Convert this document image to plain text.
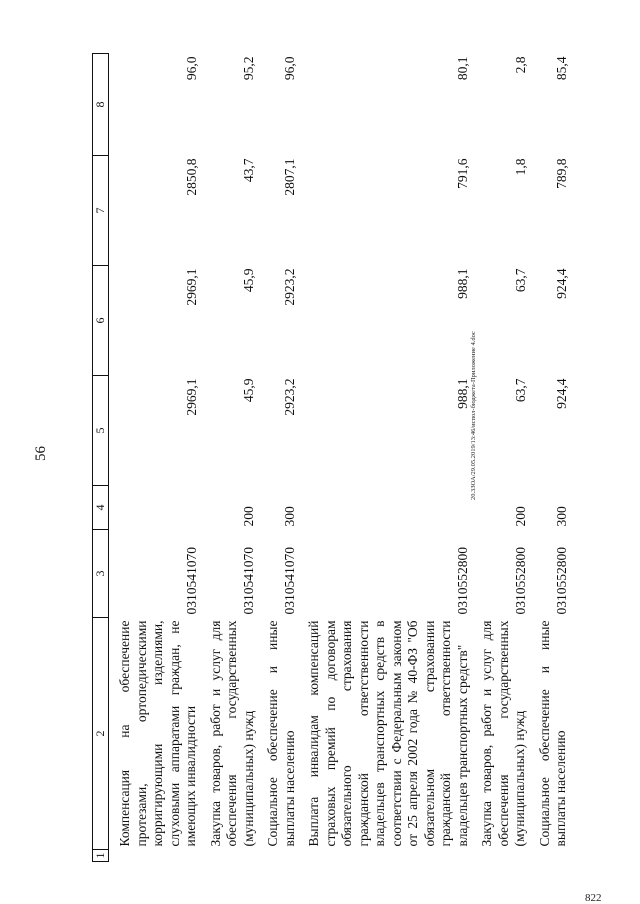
56	20.3ЗОА/29.05.2019/13:46/испол-бюджета-Приложение 4.doc
822
1	2	3	4	5	6	7	8
	Компенсация на обеспечение протезами, ортопедическими корригирующими изделиями, слуховыми аппаратами граждан, не имеющих инвалидности	0310541070		2969,1	2969,1	2850,8	96,0
	Закупка товаров, работ и услуг для обеспечения государственных (муниципальных) нужд	0310541070	200	45,9	45,9	43,7	95,2
	Социальное обеспечение и иные выплаты населению	0310541070	300	2923,2	2923,2	2807,1	96,0
	Выплата инвалидам компенсаций страховых премий по договорам обязательного страхования гражданской ответственности владельцев транспортных средств в соответствии с Федеральным законом от 25 апреля 2002 года № 40-ФЗ "Об обязательном страховании гражданской ответственности владельцев транспортных средств"	0310552800		988,1	988,1	791,6	80,1
	Закупка товаров, работ и услуг для обеспечения государственных (муниципальных) нужд	0310552800	200	63,7	63,7	1,8	2,8
	Социальное обеспечение и иные выплаты населению	0310552800	300	924,4	924,4	789,8	85,4
